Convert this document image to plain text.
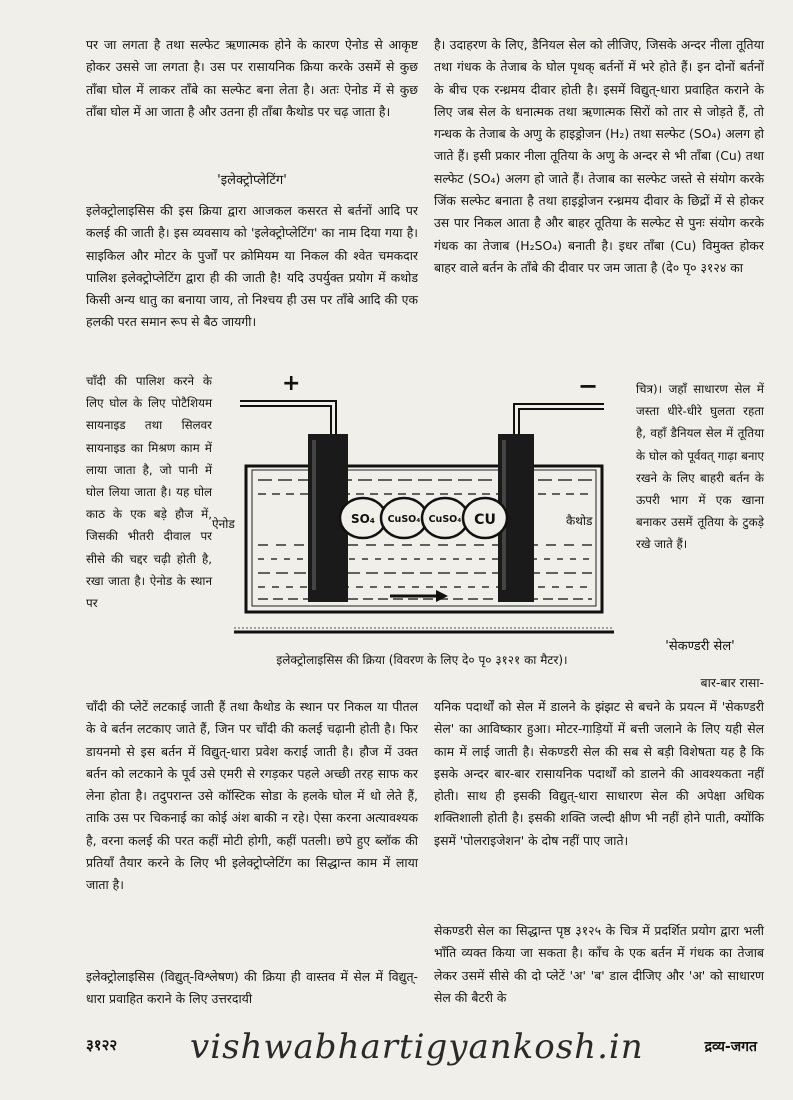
पर जा लगता है तथा सल्फेट ऋणात्मक होने के कारण ऐनोड से आकृष्ट होकर उससे जा लगता है। उस पर रासायनिक क्रिया करके उसमें से कुछ ताँबा घोल में लाकर ताँबे का सल्फेट बना लेता है। अतः ऐनोड में से कुछ ताँबा घोल में आ जाता है और उतना ही ताँबा कैथोड पर चढ़ जाता है।

'इलेक्ट्रोप्लेटिंग'

इलेक्ट्रोलाइसिस की इस क्रिया द्वारा आजकल कसरत से बर्तनों आदि पर कलई की जाती है। इस व्यवसाय को 'इलेक्ट्रोप्लेटिंग' का नाम दिया गया है। साइकिल और मोटर के पुर्जों पर क्रोमियम या निकल की श्वेत चमकदार पालिश इलेक्ट्रोप्लेटिंग द्वारा ही की जाती है! यदि उपर्युक्त प्रयोग में कथोड किसी अन्य धातु का बनाया जाय, तो निश्चय ही उस पर ताँबे आदि की एक हलकी परत समान रूप से बैठ जायगी।

चाँदी की पालिश करने के लिए घोल के लिए पोटैशियम सायनाइड तथा सिलवर सायनाइड का मिश्रण काम में लाया जाता है, जो पानी में घोल लिया जाता है। यह घोल काठ के एक बड़े हौज में, जिसकी भीतरी दीवाल पर सीसे की चद्दर चढ़ी होती है, रखा जाता है। ऐनोड के स्थान पर

है। उदाहरण के लिए, डैनियल सेल को लीजिए, जिसके अन्दर नीला तूतिया तथा गंधक के तेजाब के घोल पृथक् बर्तनों में भरे होते हैं। इन दोनों बर्तनों के बीच एक रन्ध्रमय दीवार होती है। इसमें विद्युत्-धारा प्रवाहित कराने के लिए जब सेल के धनात्मक तथा ऋणात्मक सिरों को तार से जोड़ते हैं, तो गन्धक के तेजाब के अणु के हाइड्रोजन (H₂) तथा सल्फेट (SO₄) अलग हो जाते हैं। इसी प्रकार नीला तूतिया के अणु के अन्दर से भी ताँबा (Cu) तथा सल्फेट (SO₄) अलग हो जाते हैं। तेजाब का सल्फेट जस्ते से संयोग करके जिंक सल्फेट बनाता है तथा हाइड्रोजन रन्ध्रमय दीवार के छिद्रों में से होकर उस पार निकल आता है और बाहर तूतिया के सल्फेट से पुनः संयोग करके गंधक का तेजाब (H₂SO₄) बनाती है। इधर ताँबा (Cu) विमुक्त होकर बाहर वाले बर्तन के ताँबे की दीवार पर जम जाता है (दे० पृ० ३१२४ का

चित्र)। जहाँ साधारण सेल में जस्ता धीरे-धीरे घुलता रहता है, वहाँ डैनियल सेल में तूतिया के घोल को पूर्ववत् गाढ़ा बनाए रखने के लिए बाहरी बर्तन के ऊपरी भाग में एक खाना बनाकर उसमें तूतिया के टुकड़े रखे जाते हैं।

+	−
SO₄ CuSO₄ CuSO₄ CU
ऐनोड	कैथोड

इलेक्ट्रोलाइसिस की क्रिया (विवरण के लिए दे० पृ० ३१२१ का मैटर)।

'सेकण्डरी सेल'

बार-बार रासा-

चाँदी की प्लेटें लटकाई जाती हैं तथा कैथोड के स्थान पर निकल या पीतल के वे बर्तन लटकाए जाते हैं, जिन पर चाँदी की कलई चढ़ानी होती है। फिर डायनमो से इस बर्तन में विद्युत्-धारा प्रवेश कराई जाती है। हौज में उक्त बर्तन को लटकाने के पूर्व उसे एमरी से रगड़कर पहले अच्छी तरह साफ कर लेना होता है। तदुपरान्त उसे कॉस्टिक सोडा के हलके घोल में धो लेते हैं, ताकि उस पर चिकनाई का कोई अंश बाकी न रहे। ऐसा करना अत्यावश्यक है, वरना कलई की परत कहीं मोटी होगी, कहीं पतली। छपे हुए ब्लॉक की प्रतियाँ तैयार करने के लिए भी इलेक्ट्रोप्लेटिंग का सिद्धान्त काम में लाया जाता है।

इलेक्ट्रोलाइसिस (विद्युत्-विश्लेषण) की क्रिया ही वास्तव में सेल में विद्युत्-धारा प्रवाहित कराने के लिए उत्तरदायी

यनिक पदार्थों को सेल में डालने के झंझट से बचने के प्रयत्न में 'सेकण्डरी सेल' का आविष्कार हुआ। मोटर-गाड़ियों में बत्ती जलाने के लिए यही सेल काम में लाई जाती है। सेकण्डरी सेल की सब से बड़ी विशेषता यह है कि इसके अन्दर बार-बार रासायनिक पदार्थों को डालने की आवश्यकता नहीं होती। साथ ही इसकी विद्युत्-धारा साधारण सेल की अपेक्षा अधिक शक्तिशाली होती है। इसकी शक्ति जल्दी क्षीण भी नहीं होने पाती, क्योंकि इसमें 'पोलराइजेशन' के दोष नहीं पाए जाते।

सेकण्डरी सेल का सिद्धान्त पृष्ठ ३१२५ के चित्र में प्रदर्शित प्रयोग द्वारा भली भाँति व्यक्त किया जा सकता है। काँच के एक बर्तन में गंधक का तेजाब लेकर उसमें सीसे की दो प्लेटें 'अ' 'ब' डाल दीजिए और 'अ' को साधारण सेल की बैटरी के

३१२२ vishwabhartigyankosh.in	द्रव्य-जगत
